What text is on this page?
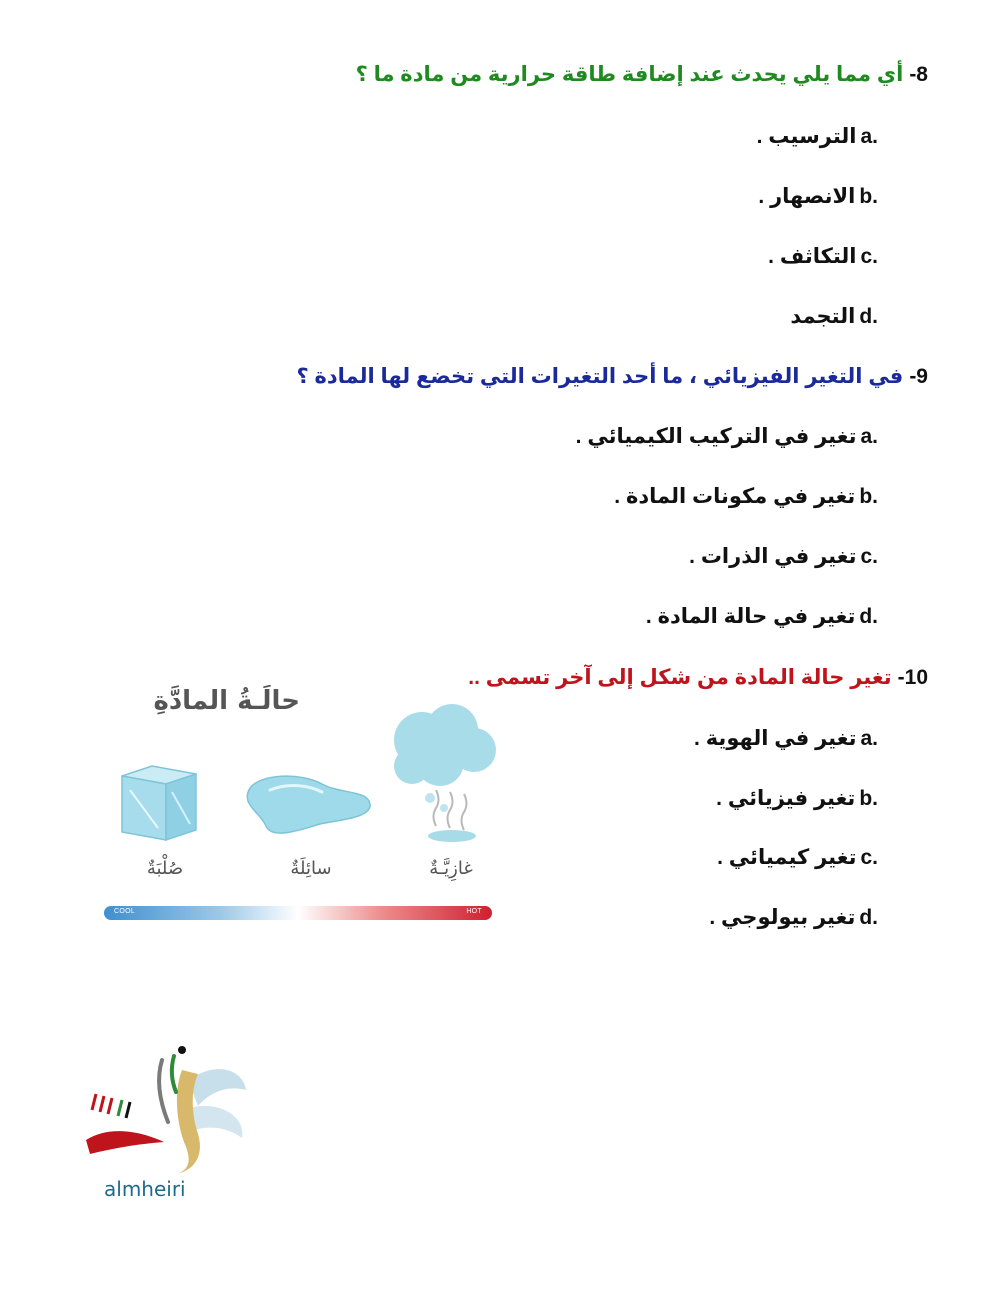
-8
أي مما يلي يحدث عند إضافة طاقة حرارية من مادة ما ؟
a.
الترسيب .
b.
الانصهار .
c.
التكاثف .
d.
التجمد
-9
في التغير الفيزيائي ، ما أحد التغيرات التي تخضع لها المادة ؟
a.
تغير في التركيب الكيميائي .
b.
تغير في مكونات المادة .
c.
تغير في الذرات .
d.
تغير في حالة المادة .
-10
تغير حالة المادة من شكل إلى آخر تسمى ..
a.
تغير في الهوية .
b.
تغير فيزيائي .
c.
تغير كيميائي .
d.
تغير بيولوجي .
حالَـةُ المادَّةِ
صُلْبَةٌ	سائِلَةٌ	غازِيَّـةٌ
COOL	HOT
almheiri
